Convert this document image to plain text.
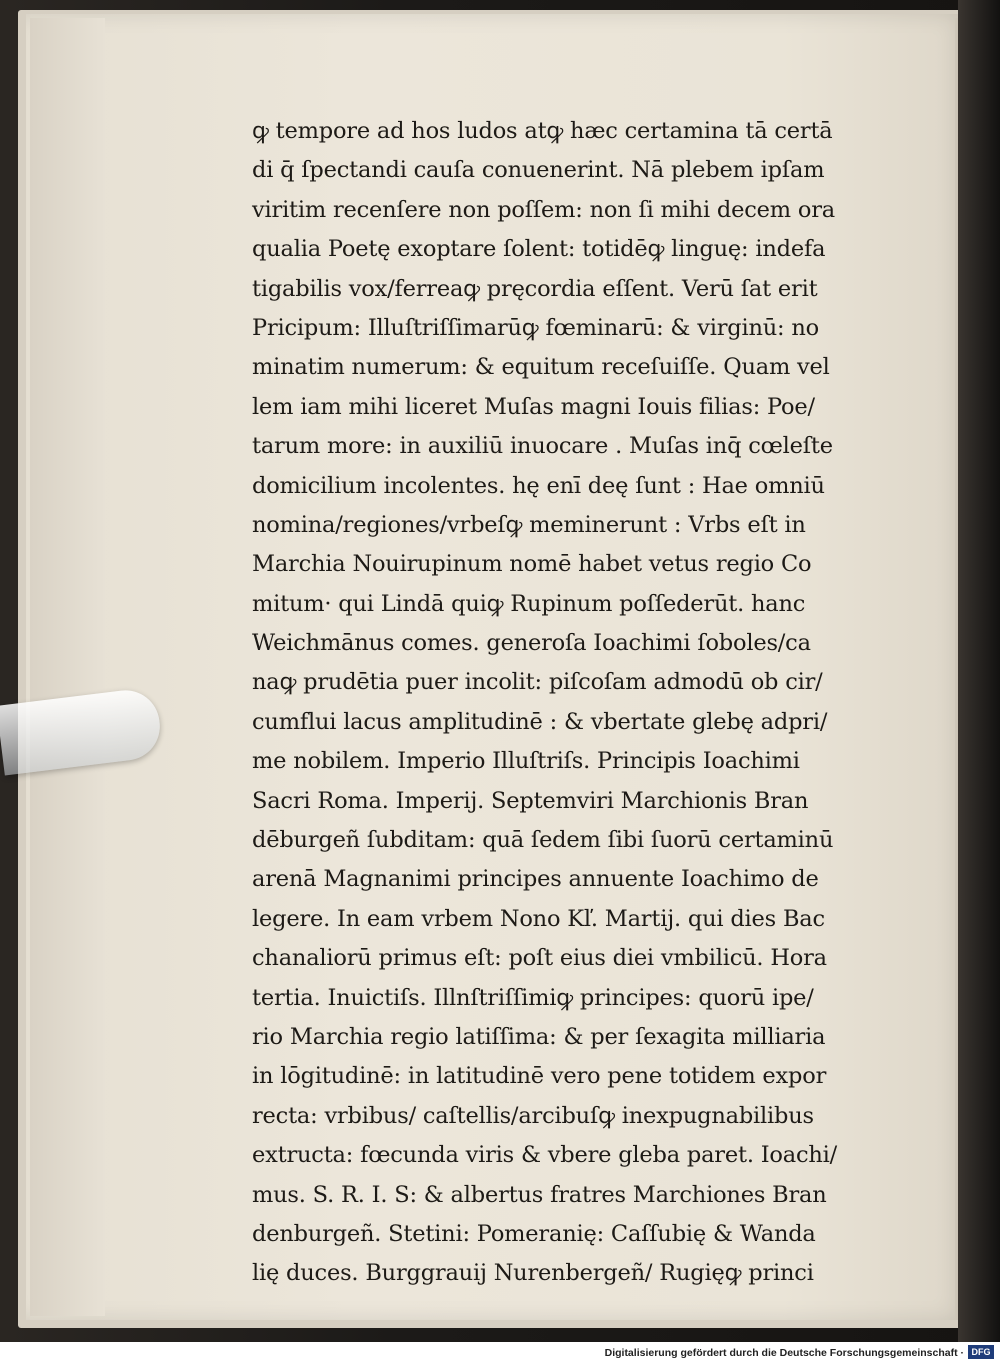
ꝙ tempore ad hos ludos atꝙ hæc certamina tā certā
di q̄ ſpectandi cauſa conuenerint. Nā plebem ipſam
viritim recenſere non poſſem: non ſi mihi decem ora
qualia Poetę exoptare ſolent: totidēꝙ linguę: indefa
tigabilis vox/ferreaꝙ pręcordia eſſent. Verū ſat erit
Pricipum: Illuſtriſſimarūꝙ fœminarū: & virginū: no
minatim numerum: & equitum receſuiſſe. Quam vel
lem iam mihi liceret Muſas magni Iouis filias: Poe/
tarum more: in auxiliū inuocare . Muſas inq̄ cœleſte
domicilium incolentes. hę enī deę ſunt : Hae omniū
nomina/regiones/vrbeſꝙ meminerunt : Vrbs eſt in
Marchia Nouirupinum nomē habet vetus regio Co
mitum· qui Lindā quiꝙ Rupinum poſſederūt. hanc
Weichmānus comes. generoſa Ioachimi ſoboles/ca
naꝙ prudētia puer incolit: piſcoſam admodū ob cir/
cumflui lacus amplitudinē : & vbertate glebę adpri/
me nobilem. Imperio Illuſtriſs. Principis Ioachimi
Sacri Roma. Imperij. Septemviri Marchionis Bran
dēburgeñ ſubditam: quā ſedem ſibi ſuorū certaminū
arenā Magnanimi principes annuente Ioachimo de
legere. In eam vrbem Nono Kľ. Martij. qui dies Bac
chanaliorū primus eſt: poſt eius diei vmbilicū. Hora
tertia. Inuictiſs. Illnſtriſſimiꝙ principes: quorū ipe/
rio Marchia regio latiſſima: & per ſexagita milliaria
in lōgitudinē: in latitudinē vero pene totidem expor
recta: vrbibus/ caſtellis/arcibuſꝙ inexpugnabilibus
extructa: fœcunda viris & vbere gleba paret. Ioachi/
mus. S. R. I. S: & albertus fratres Marchiones Bran
denburgeñ. Stetini: Pomeranię: Caſſubię & Wanda
lię duces. Burggrauij Nurenbergeñ/ Rugięꝙ princi
Digitalisierung gefördert durch die Deutsche Forschungsgemeinschaft · DFG
